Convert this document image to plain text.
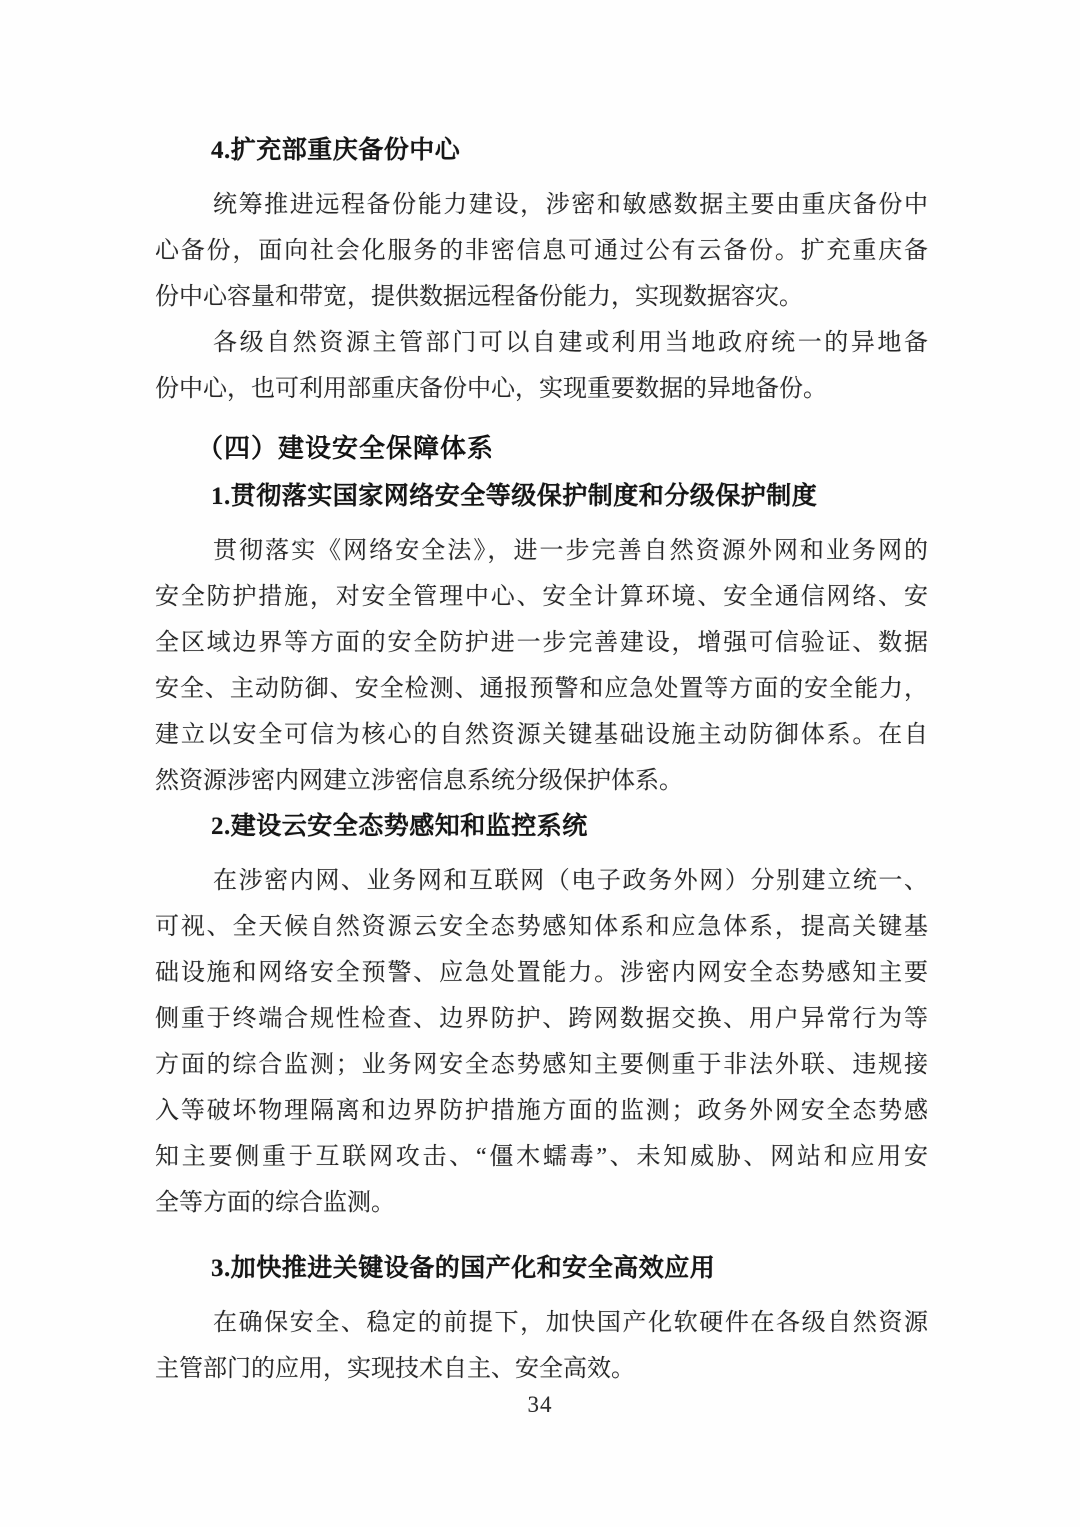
4.扩充部重庆备份中心
统筹推进远程备份能力建设，涉密和敏感数据主要由重庆备份中
心备份，面向社会化服务的非密信息可通过公有云备份。扩充重庆备
份中心容量和带宽，提供数据远程备份能力，实现数据容灾。
各级自然资源主管部门可以自建或利用当地政府统一的异地备
份中心，也可利用部重庆备份中心，实现重要数据的异地备份。
（四）建设安全保障体系
1.贯彻落实国家网络安全等级保护制度和分级保护制度
贯彻落实《网络安全法》，进一步完善自然资源外网和业务网的
安全防护措施，对安全管理中心、安全计算环境、安全通信网络、安
全区域边界等方面的安全防护进一步完善建设，增强可信验证、数据
安全、主动防御、安全检测、通报预警和应急处置等方面的安全能力，
建立以安全可信为核心的自然资源关键基础设施主动防御体系。在自
然资源涉密内网建立涉密信息系统分级保护体系。
2.建设云安全态势感知和监控系统
在涉密内网、业务网和互联网（电子政务外网）分别建立统一、
可视、全天候自然资源云安全态势感知体系和应急体系，提高关键基
础设施和网络安全预警、应急处置能力。涉密内网安全态势感知主要
侧重于终端合规性检查、边界防护、跨网数据交换、用户异常行为等
方面的综合监测；业务网安全态势感知主要侧重于非法外联、违规接
入等破坏物理隔离和边界防护措施方面的监测；政务外网安全态势感
知主要侧重于互联网攻击、“僵木蠕毒”、未知威胁、网站和应用安
全等方面的综合监测。
3.加快推进关键设备的国产化和安全高效应用
在确保安全、稳定的前提下，加快国产化软硬件在各级自然资源
主管部门的应用，实现技术自主、安全高效。
34
